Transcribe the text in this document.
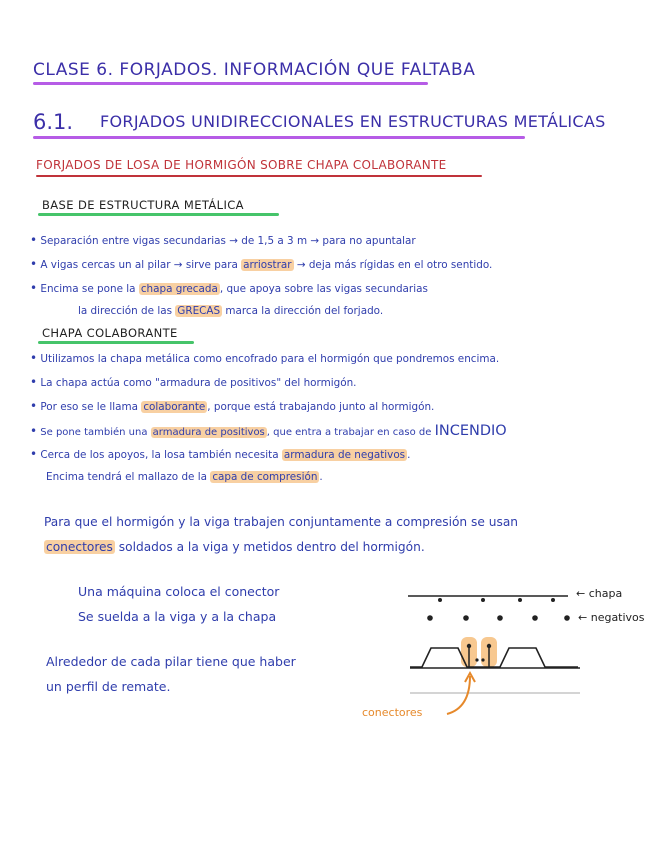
CLASE 6. FORJADOS. INFORMACIÓN QUE FALTABA
6.1. FORJADOS UNIDIRECCIONALES EN ESTRUCTURAS METÁLICAS
FORJADOS DE LOSA DE HORMIGÓN SOBRE CHAPA COLABORANTE
BASE DE ESTRUCTURA METÁLICA
• Separación entre vigas secundarias → de 1,5 a 3 m → para no apuntalar
• A vigas cercas un al pilar → sirve para arriostrar → deja más rígidas en el otro sentido.
• Encima se pone la chapa grecada , que apoya sobre las vigas secundarias
la dirección de las GRECAS marca la dirección del forjado.
CHAPA COLABORANTE
• Utilizamos la chapa metálica como encofrado para el hormigón que pondremos encima.
• La chapa actúa como "armadura de positivos" del hormigón.
• Por eso se le llama colaborante , porque está trabajando junto al hormigón.
• Se pone también una armadura de positivos , que entra a trabajar en caso de INCENDIO
• Cerca de los apoyos, la losa también necesita armadura de negativos .
Encima tendrá el mallazo de la capa de compresión .
Para que el hormigón y la viga trabajen conjuntamente a compresión se usan
conectores soldados a la viga y metidos dentro del hormigón.
Una máquina coloca el conector
Se suelda a la viga y a la chapa
Alrededor de cada pilar tiene que haber
un perfil de remate.
← chapa
← negativos
conectores
